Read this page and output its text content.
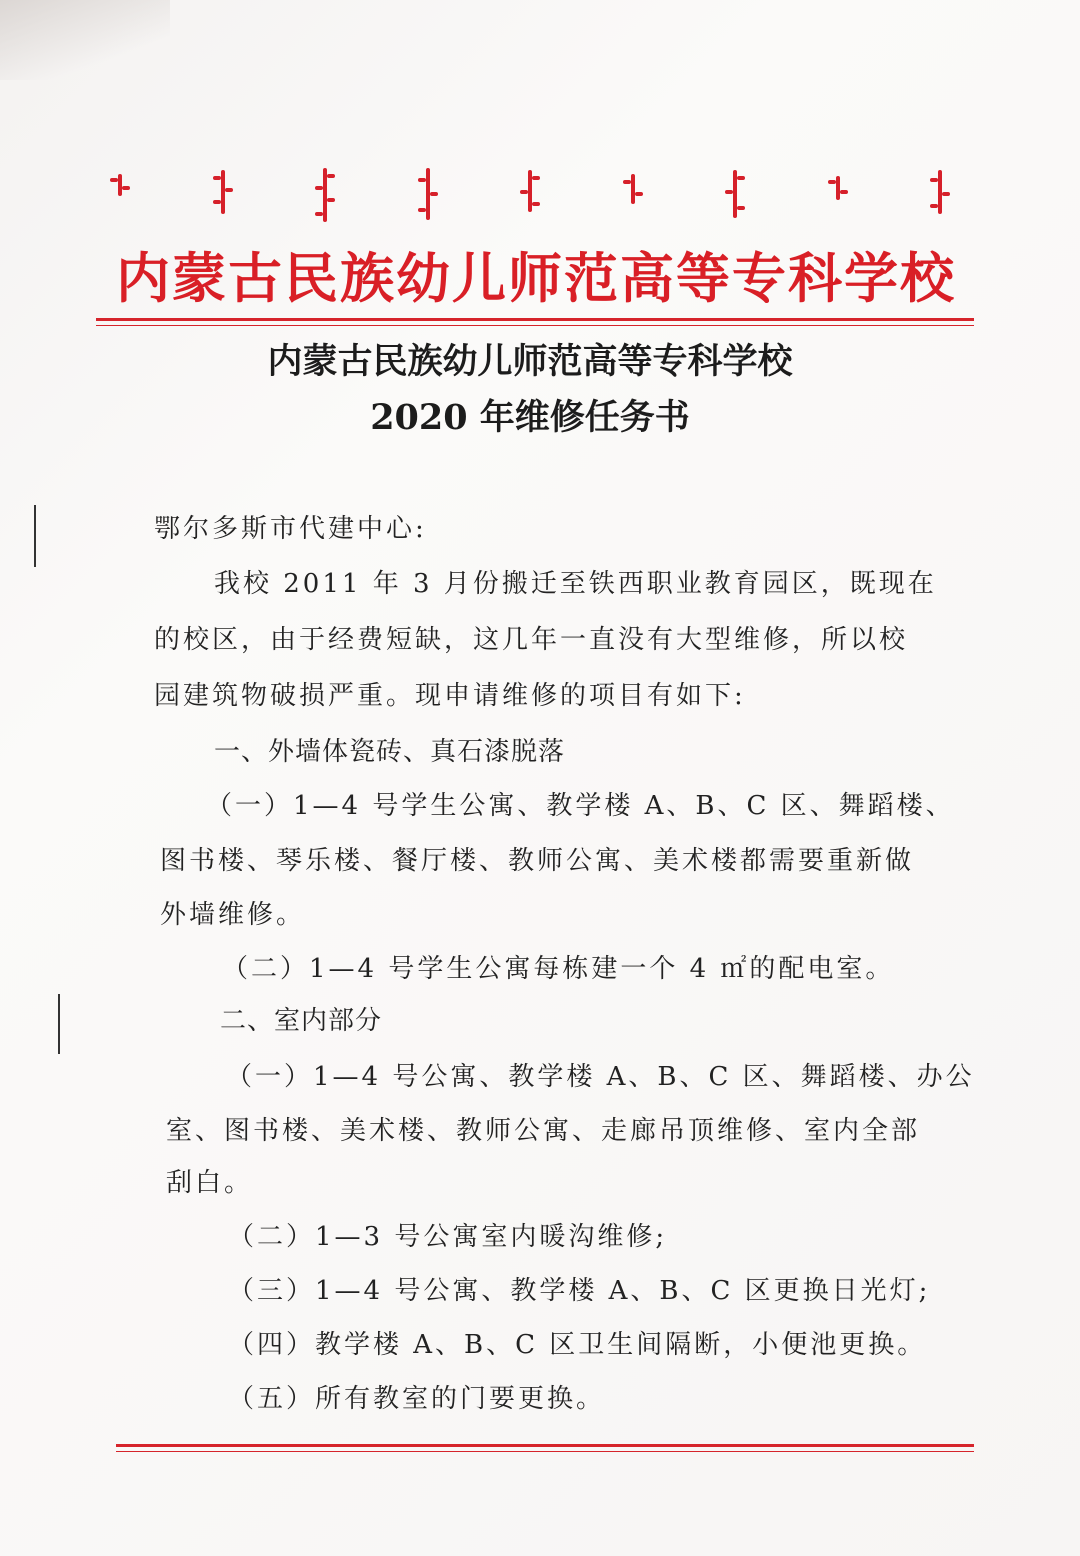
内蒙古民族幼儿师范高等专科学校
内蒙古民族幼儿师范高等专科学校
2020 年维修任务书
鄂尔多斯市代建中心:
我校 2011 年 3 月份搬迁至铁西职业教育园区，既现在
的校区，由于经费短缺，这几年一直没有大型维修，所以校
园建筑物破损严重。现申请维修的项目有如下:
一、外墙体瓷砖、真石漆脱落
（一）1—4 号学生公寓、教学楼 A、B、C 区、舞蹈楼、
图书楼、琴乐楼、餐厅楼、教师公寓、美术楼都需要重新做
外墙维修。
（二）1—4 号学生公寓每栋建一个 4 ㎡的配电室。
二、室内部分
（一）1—4 号公寓、教学楼 A、B、C 区、舞蹈楼、办公
室、图书楼、美术楼、教师公寓、走廊吊顶维修、室内全部
刮白。
（二）1—3 号公寓室内暖沟维修;
（三）1—4 号公寓、教学楼 A、B、C 区更换日光灯;
（四）教学楼 A、B、C 区卫生间隔断，小便池更换。
（五）所有教室的门要更换。
